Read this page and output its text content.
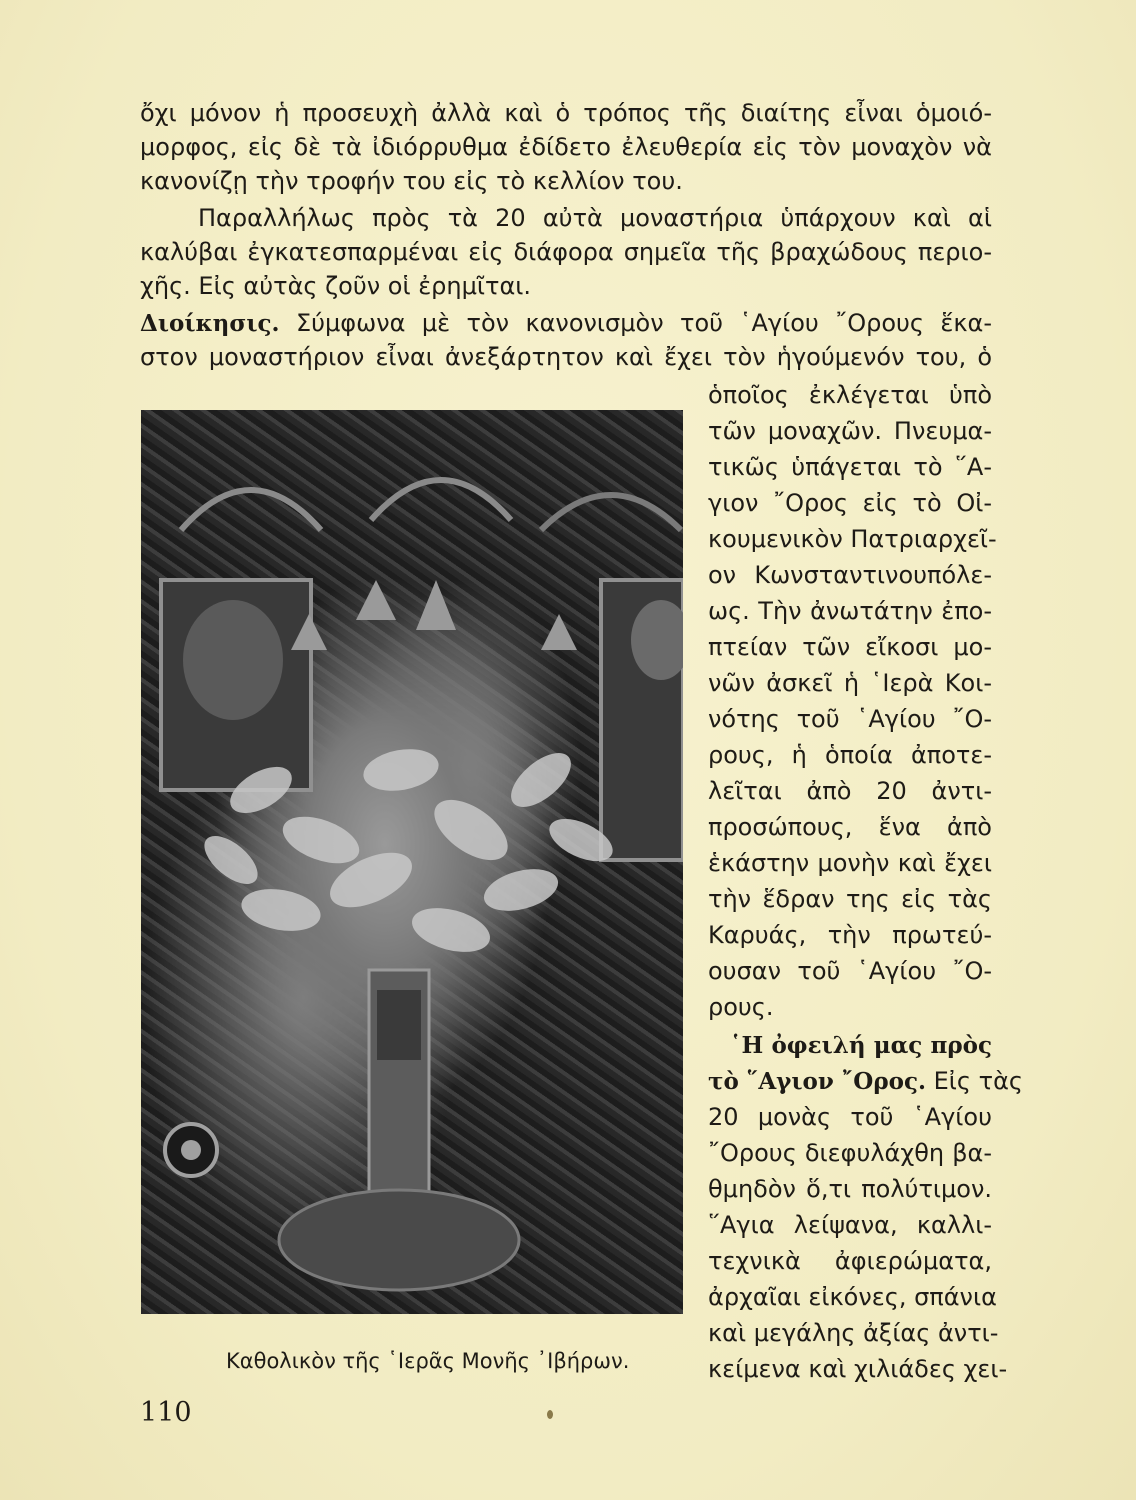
ὄχι μόνον ἡ προσευχὴ ἀλλὰ καὶ ὁ τρόπος τῆς διαίτης εἶναι ὁμοιό-
μορφος, εἰς δὲ τὰ ἰδιόρρυθμα ἐδίδετο ἐλευθερία εἰς τὸν μοναχὸν νὰ
κανονίζῃ τὴν τροφήν του εἰς τὸ κελλίον του.
Παραλλήλως πρὸς τὰ 20 αὐτὰ μοναστήρια ὑπάρχουν καὶ αἱ
καλύβαι ἐγκατεσπαρμέναι εἰς διάφορα σημεῖα τῆς βραχώδους περιο-
χῆς. Εἰς αὐτὰς ζοῦν οἱ ἐρημῖται.
Διοίκησις. Σύμφωνα μὲ τὸν κανονισμὸν τοῦ ῾Αγίου ῎Ορους ἕκα-
στον μοναστήριον εἶναι ἀνεξάρτητον καὶ ἔχει τὸν ἡγούμενόν του, ὁ
ὁποῖος ἐκλέγεται ὑπὸ
τῶν μοναχῶν. Πνευμα-
τικῶς ὑπάγεται τὸ ῞Α-
γιον ῎Ορος εἰς τὸ Οἰ-
κουμενικὸν Πατριαρχεῖ-
ον Κωνσταντινουπόλε-
ως. Τὴν ἀνωτάτην ἐπο-
πτείαν τῶν εἴκοσι μο-
νῶν ἀσκεῖ ἡ ῾Ιερὰ Κοι-
νότης τοῦ ῾Αγίου ῎Ο-
ρους, ἡ ὁποία ἀποτε-
λεῖται ἀπὸ 20 ἀντι-
προσώπους, ἕνα ἀπὸ
ἑκάστην μονὴν καὶ ἔχει
τὴν ἕδραν της εἰς τὰς
Καρυάς, τὴν πρωτεύ-
ουσαν τοῦ ῾Αγίου ῎Ο-
ρους.
῾Η ὀφειλή μας πρὸς
τὸ ῞Αγιον ῎Ορος. Εἰς τὰς
20 μονὰς τοῦ ῾Αγίου
῎Ορους διεφυλάχθη βα-
θμηδὸν ὅ,τι πολύτιμον.
῞Αγια λείψανα, καλλι-
τεχνικὰ ἀφιερώματα,
ἀρχαῖαι εἰκόνες, σπάνια
καὶ μεγάλης ἀξίας ἀντι-
κείμενα καὶ χιλιάδες χει-
Καθολικὸν τῆς ῾Ιερᾶς Μονῆς ᾿Ιβήρων.
110
